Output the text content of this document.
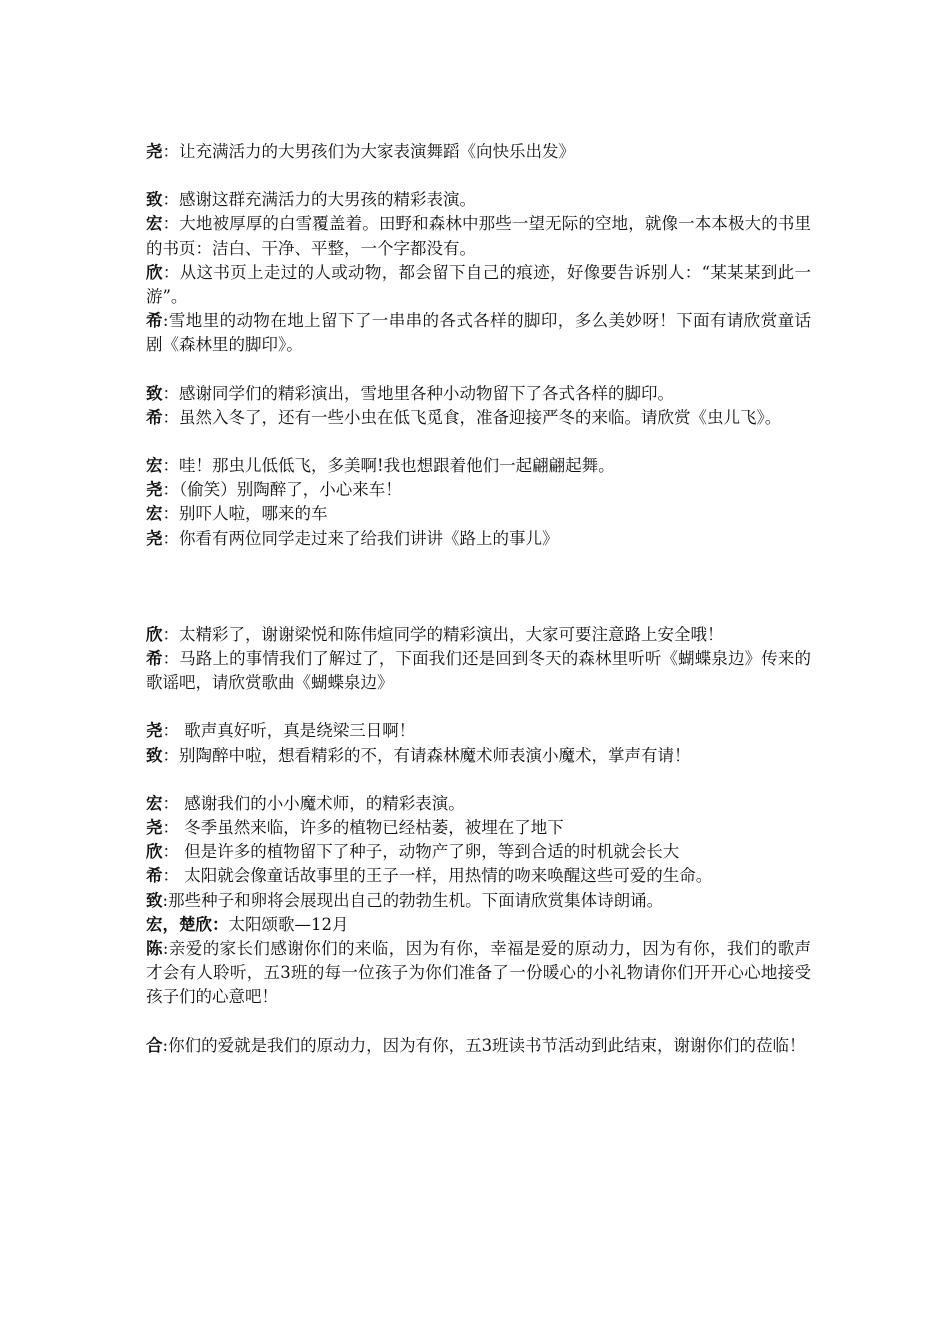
尧：让充满活力的大男孩们为大家表演舞蹈《向快乐出发》

致：感谢这群充满活力的大男孩的精彩表演。

宏：大地被厚厚的白雪覆盖着。田野和森林中那些一望无际的空地，就像一本本极大的书里的书页：洁白、干净、平整，一个字都没有。

欣：从这书页上走过的人或动物，都会留下自己的痕迹，好像要告诉别人：“某某某到此一游”。

希:雪地里的动物在地上留下了一串串的各式各样的脚印，多么美妙呀！下面有请欣赏童话剧《森林里的脚印》。

致：感谢同学们的精彩演出，雪地里各种小动物留下了各式各样的脚印。

希：虽然入冬了，还有一些小虫在低飞觅食，准备迎接严冬的来临。请欣赏《虫儿飞》。

宏：哇！那虫儿低低飞，多美啊!我也想跟着他们一起翩翩起舞。

尧：（偷笑）别陶醉了，小心来车！

宏：别吓人啦，哪来的车

尧：你看有两位同学走过来了给我们讲讲《路上的事儿》

欣：太精彩了，谢谢梁悦和陈伟煊同学的精彩演出，大家可要注意路上安全哦！

希：马路上的事情我们了解过了，下面我们还是回到冬天的森林里听听《蝴蝶泉边》传来的歌谣吧，请欣赏歌曲《蝴蝶泉边》

尧： 歌声真好听，真是绕梁三日啊！

致：别陶醉中啦，想看精彩的不，有请森林魔术师表演小魔术，掌声有请！

宏： 感谢我们的小小魔术师，的精彩表演。

尧： 冬季虽然来临，许多的植物已经枯萎，被埋在了地下

欣： 但是许多的植物留下了种子，动物产了卵，等到合适的时机就会长大

希： 太阳就会像童话故事里的王子一样，用热情的吻来唤醒这些可爱的生命。

致:那些种子和卵将会展现出自己的勃勃生机。下面请欣赏集体诗朗诵。

宏，楚欣：太阳颂歌—12月

陈:亲爱的家长们感谢你们的来临，因为有你，幸福是爱的原动力，因为有你，我们的歌声才会有人聆听，五3班的每一位孩子为你们准备了一份暖心的小礼物请你们开开心心地接受孩子们的心意吧！

合:你们的爱就是我们的原动力，因为有你，五3班读书节活动到此结束，谢谢你们的莅临！
